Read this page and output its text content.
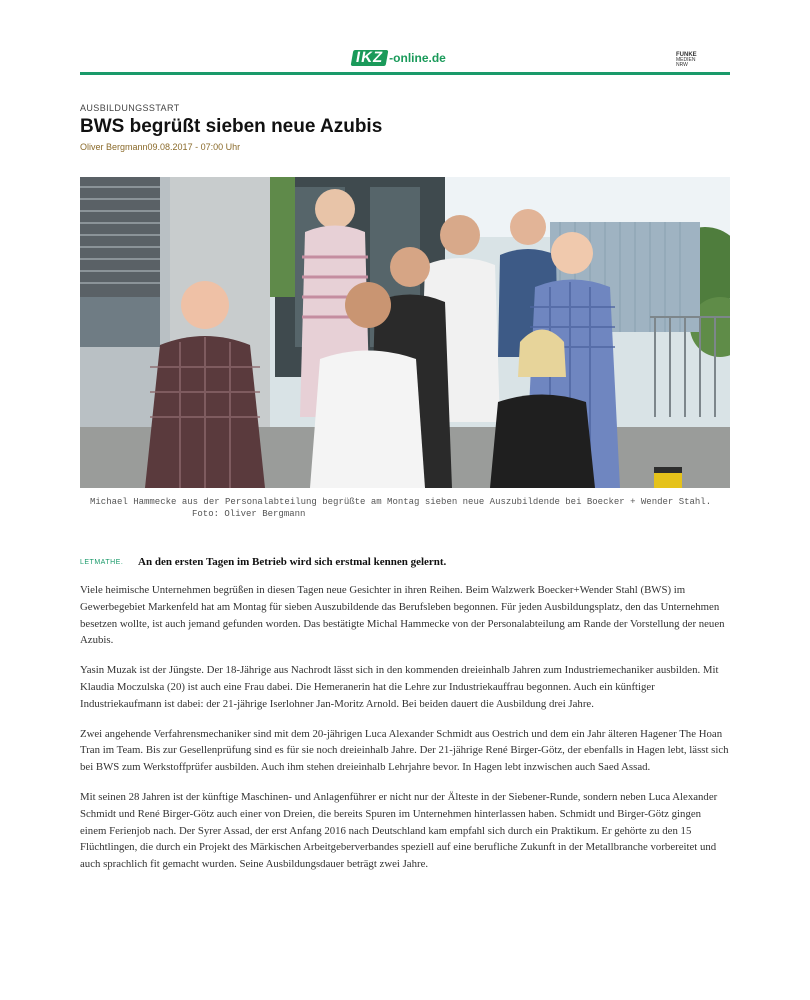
IKZ -online.de	FUNKE
MEDIEN
NRW
AUSBILDUNGSSTART
BWS begrüßt sieben neue Azubis
Oliver Bergmann09.08.2017 - 07:00 Uhr
Michael Hammecke aus der Personalabteilung begrüßte am Montag sieben neue Auszubildende bei Boecker + Wender Stahl.
Foto: Oliver Bergmann
LETMATHE. An den ersten Tagen im Betrieb wird sich erstmal kennen gelernt.

Viele heimische Unternehmen begrüßen in diesen Tagen neue Gesichter in ihren Reihen. Beim Walzwerk Boecker+Wender Stahl (BWS) im Gewerbegebiet Markenfeld hat am Montag für sieben Auszubildende das Berufsleben begonnen. Für jeden Ausbildungsplatz, den das Unternehmen besetzen wollte, ist auch jemand gefunden worden. Das bestätigte Michal Hammecke von der Personalabteilung am Rande der Vorstellung der neuen Azubis.

Yasin Muzak ist der Jüngste. Der 18-Jährige aus Nachrodt lässt sich in den kommenden dreieinhalb Jahren zum Industriemechaniker ausbilden. Mit Klaudia Moczulska (20) ist auch eine Frau dabei. Die Hemeranerin hat die Lehre zur Industriekauffrau begonnen. Auch ein künftiger Industriekaufmann ist dabei: der 21-jährige Iserlohner Jan-Moritz Arnold. Bei beiden dauert die Ausbildung drei Jahre.

Zwei angehende Verfahrensmechaniker sind mit dem 20-jährigen Luca Alexander Schmidt aus Oestrich und dem ein Jahr älteren Hagener The Hoan Tran im Team. Bis zur Gesellenprüfung sind es für sie noch dreieinhalb Jahre. Der 21-jährige René Birger-Götz, der ebenfalls in Hagen lebt, lässt sich bei BWS zum Werkstoffprüfer ausbilden. Auch ihm stehen dreieinhalb Lehrjahre bevor. In Hagen lebt inzwischen auch Saed Assad.

Mit seinen 28 Jahren ist der künftige Maschinen- und Anlagenführer er nicht nur der Älteste in der Siebener-Runde, sondern neben Luca Alexander Schmidt und René Birger-Götz auch einer von Dreien, die bereits Spuren im Unternehmen hinterlassen haben. Schmidt und Birger-Götz gingen einem Ferienjob nach. Der Syrer Assad, der erst Anfang 2016 nach Deutschland kam empfahl sich durch ein Praktikum. Er gehörte zu den 15 Flüchtlingen, die durch ein Projekt des Märkischen Arbeitgeberverbandes speziell auf eine berufliche Zukunft in der Metallbranche vorbereitet und auch sprachlich fit gemacht wurden. Seine Ausbildungsdauer beträgt zwei Jahre.
